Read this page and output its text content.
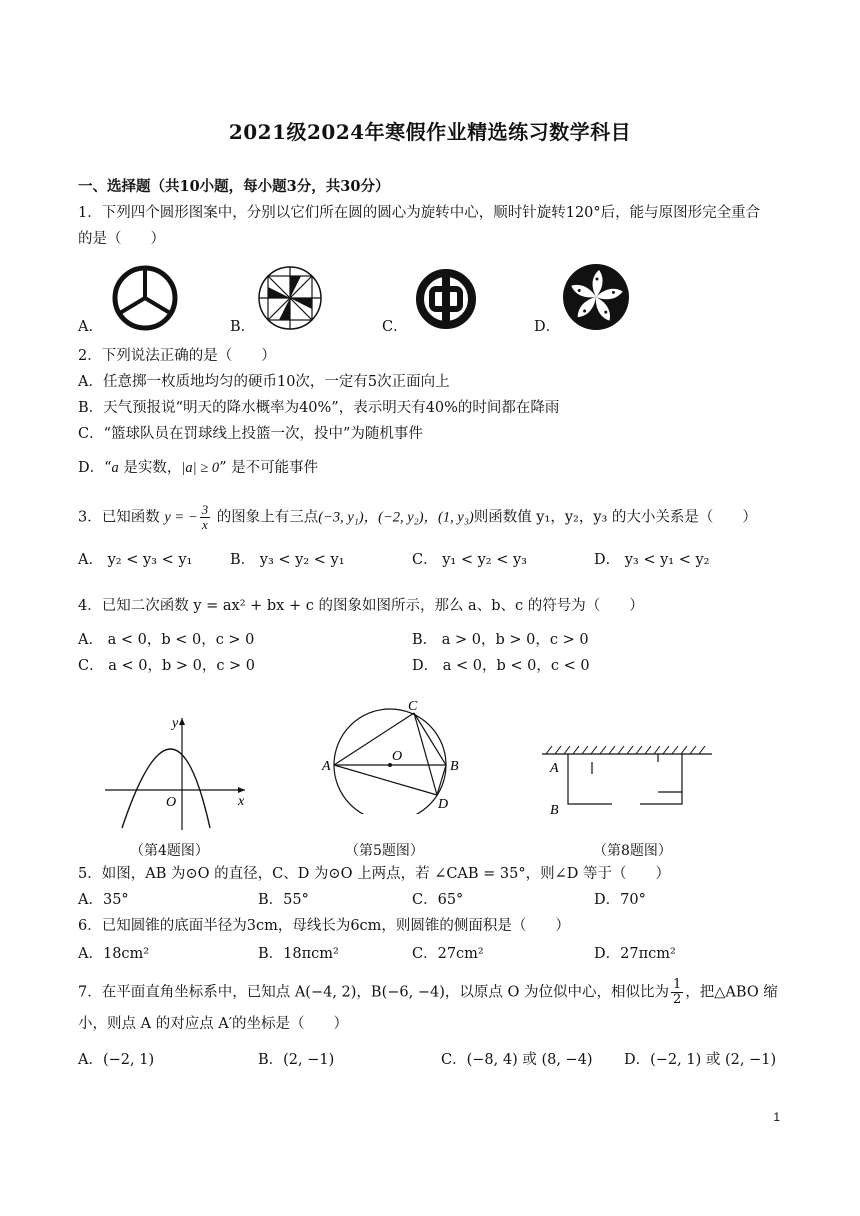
2021级2024年寒假作业精选练习数学科目
一、选择题（共10小题，每小题3分，共30分）
1．下列四个圆形图案中，分别以它们所在圆的圆心为旋转中心，顺时针旋转120°后，能与原图形完全重合
的是（　　）
A．	B．	C．	D．
2．下列说法正确的是（　　）
A．任意掷一枚质地均匀的硬币10次，一定有5次正面向上
B．天气预报说“明天的降水概率为40%”，表示明天有40%的时间都在降雨
C．“篮球队员在罚球线上投篮一次，投中”为随机事件
D．“a 是实数，|a| ≥ 0” 是不可能事件
3．已知函数 y = − $\frac{3}{x}$ 的图象上有三点(−3, y₁)，(−2, y₂)，(1, y₃)则函数值 y₁，y₂，y₃ 的大小关系是（　　）
A． y₂ < y₃ < y₁	B． y₃ < y₂ < y₁	C． y₁ < y₂ < y₃	D． y₃ < y₁ < y₂
4．已知二次函数 y = ax² + bx + c 的图象如图所示，那么 a、b、c 的符号为（　　）
A． a < 0，b < 0，c > 0	B． a > 0，b > 0，c > 0
C． a < 0，b > 0，c > 0	D． a < 0，b < 0，c < 0
y
x
O
（第4题图）
C
A	B
D
O
（第5题图）
A
B
（第8题图）
5．如图，AB 为⊙O 的直径，C、D 为⊙O 上两点，若 ∠CAB = 35°，则∠D 等于（　　）
A．35°	B．55°	C．65°	D．70°
6．已知圆锥的底面半径为3cm，母线长为6cm，则圆锥的侧面积是（　　）
A．18cm²	B．18πcm²	C．27cm²	D．27πcm²
7．在平面直角坐标系中，已知点 A(−4, 2)，B(−6, −4)，以原点 O 为位似中心，相似比为 $\frac{1}{2}$ ，把△ABO 缩
小，则点 A 的对应点 A′的坐标是（　　）
A．(−2, 1)	B．(2, −1)	C．(−8, 4) 或 (8, −4) D．(−2, 1) 或 (2, −1)
1
